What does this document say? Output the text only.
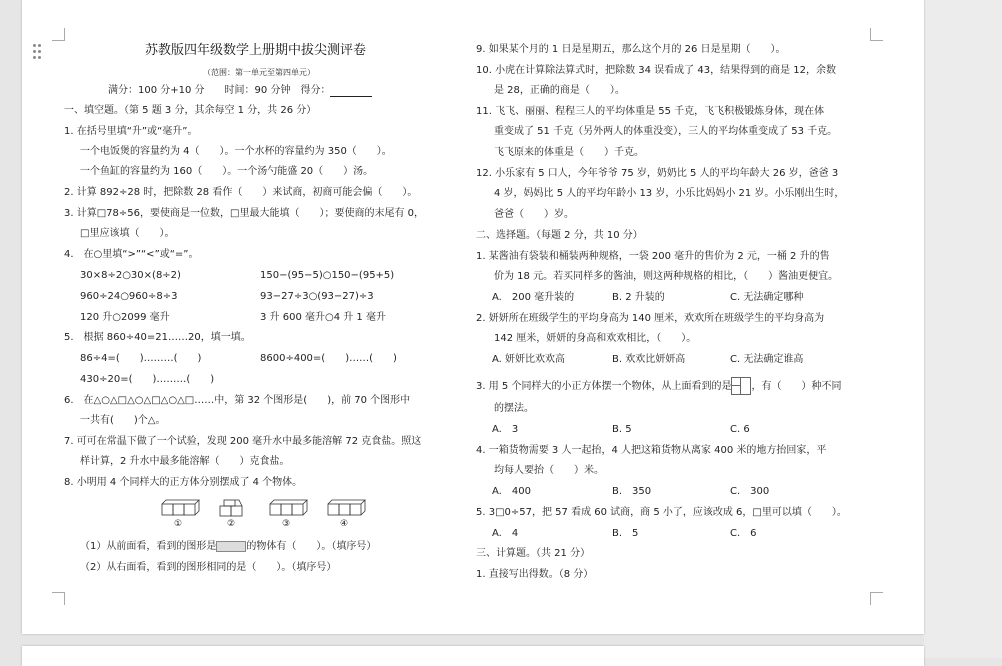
苏教版四年级数学上册期中拔尖测评卷
（范围：第一单元至第四单元）
满分：100 分+10 分　　时间：90 分钟　得分：
一、填空题。（第 5 题 3 分，其余每空 1 分，共 26 分）
1. 在括号里填“升”或“毫升”。
一个电饭煲的容量约为 4（　　）。一个水杯的容量约为 350（　　）。
一个鱼缸的容量约为 160（　　）。一个汤勺能盛 20（　　）汤。
2. 计算 892÷28 时，把除数 28 看作（　　）来试商，初商可能会偏（　　）。
3. 计算□78÷56，要使商是一位数，□里最大能填（　　）；要使商的末尾有 0，
□里应该填（　　）。
4.　在○里填“>”“<”或“=”。
30×8÷2○30×(8÷2)	150−(95−5)○150−(95+5)
960÷24○960÷8÷3	93−27÷3○(93−27)÷3
120 升○2099 毫升	3 升 600 毫升○4 升 1 毫升
5.　根据 860÷40=21……20，填一填。
86÷4=(　　)………(　　)	8600÷400=(　　)……(　　)
430÷20=(　　)………(　　)
6.　在△○△□△○△□△○△□……中，第 32 个图形是(　　)，前 70 个图形中
一共有(　　)个△。
7. 可可在常温下做了一个试验，发现 200 毫升水中最多能溶解 72 克食盐。照这
样计算，2 升水中最多能溶解（　　）克食盐。
8. 小明用 4 个同样大的正方体分别摆成了 4 个物体。
①	②	③	④
（1）从前面看，看到的图形是	的物体有（　　）。（填序号）
（2）从右面看，看到的图形相同的是（　　）。（填序号）
9. 如果某个月的 1 日是星期五，那么这个月的 26 日是星期（　　）。
10. 小虎在计算除法算式时，把除数 34 误看成了 43，结果得到的商是 12，余数
是 28，正确的商是（　　）。
11. 飞飞、丽丽、程程三人的平均体重是 55 千克，飞飞积极锻炼身体，现在体
重变成了 51 千克（另外两人的体重没变），三人的平均体重变成了 53 千克。
飞飞原来的体重是（　　）千克。
12. 小乐家有 5 口人，今年爷爷 75 岁，奶奶比 5 人的平均年龄大 26 岁，爸爸 3
4 岁，妈妈比 5 人的平均年龄小 13 岁，小乐比妈妈小 21 岁。小乐刚出生时，
爸爸（　　）岁。
二、选择题。（每题 2 分，共 10 分）
1. 某酱油有袋装和桶装两种规格，一袋 200 毫升的售价为 2 元，一桶 2 升的售
价为 18 元。若买同样多的酱油，则这两种规格的相比，（　　）酱油更便宜。
A.　200 毫升装的	B. 2 升装的	C. 无法确定哪种
2. 妍妍所在班级学生的平均身高为 140 厘米，欢欢所在班级学生的平均身高为
142 厘米，妍妍的身高和欢欢相比，（　　）。
A. 妍妍比欢欢高	B. 欢欢比妍妍高	C. 无法确定谁高
3. 用 5 个同样大的小正方体摆一个物体，从上面看到的是 ，有（　　）种不同
的摆法。
A.　3	B. 5	C. 6
4. 一箱货物需要 3 人一起抬，4 人把这箱货物从离家 400 米的地方抬回家，平
均每人要抬（　　）米。
A.　400	B.　350	C.　300
5. 3□0÷57，把 57 看成 60 试商，商 5 小了，应该改成 6，□里可以填（　　）。
A.　4	B.　5	C.　6
三、计算题。（共 21 分）
1. 直接写出得数。（8 分）
